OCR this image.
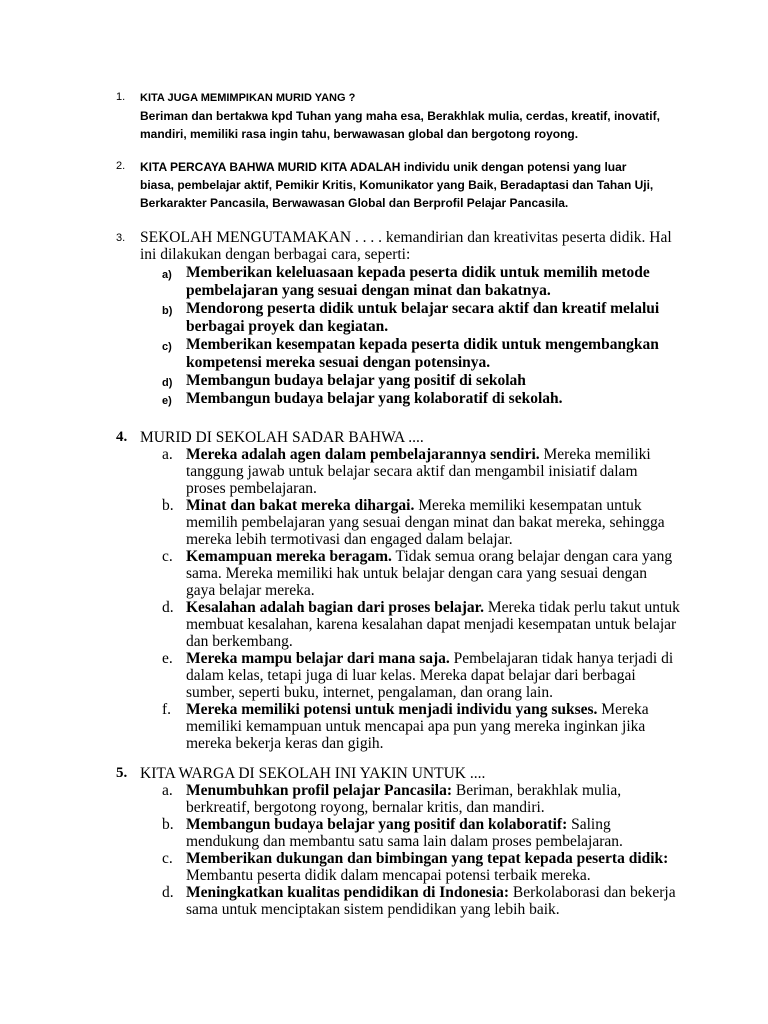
1. KITA JUGA MEMIMPIKAN MURID YANG ?
Beriman dan bertakwa kpd Tuhan yang maha esa, Berakhlak mulia, cerdas, kreatif, inovatif, mandiri, memiliki rasa ingin tahu, berwawasan global dan bergotong royong.
2. KITA PERCAYA BAHWA MURID KITA ADALAH individu unik dengan potensi yang luar biasa, pembelajar aktif, Pemikir Kritis, Komunikator yang Baik, Beradaptasi dan Tahan Uji, Berkarakter Pancasila, Berwawasan Global dan Berprofil Pelajar Pancasila.
3. SEKOLAH MENGUTAMAKAN . . . . kemandirian dan kreativitas peserta didik. Hal ini dilakukan dengan berbagai cara, seperti:
a) Memberikan keleluasaan kepada peserta didik untuk memilih metode pembelajaran yang sesuai dengan minat dan bakatnya.
b) Mendorong peserta didik untuk belajar secara aktif dan kreatif melalui berbagai proyek dan kegiatan.
c) Memberikan kesempatan kepada peserta didik untuk mengembangkan kompetensi mereka sesuai dengan potensinya.
d) Membangun budaya belajar yang positif di sekolah
e) Membangun budaya belajar yang kolaboratif di sekolah.
4. MURID DI SEKOLAH SADAR BAHWA ....
a. Mereka adalah agen dalam pembelajarannya sendiri. Mereka memiliki tanggung jawab untuk belajar secara aktif dan mengambil inisiatif dalam proses pembelajaran.
b. Minat dan bakat mereka dihargai. Mereka memiliki kesempatan untuk memilih pembelajaran yang sesuai dengan minat dan bakat mereka, sehingga mereka lebih termotivasi dan engaged dalam belajar.
c. Kemampuan mereka beragam. Tidak semua orang belajar dengan cara yang sama. Mereka memiliki hak untuk belajar dengan cara yang sesuai dengan gaya belajar mereka.
d. Kesalahan adalah bagian dari proses belajar. Mereka tidak perlu takut untuk membuat kesalahan, karena kesalahan dapat menjadi kesempatan untuk belajar dan berkembang.
e. Mereka mampu belajar dari mana saja. Pembelajaran tidak hanya terjadi di dalam kelas, tetapi juga di luar kelas. Mereka dapat belajar dari berbagai sumber, seperti buku, internet, pengalaman, dan orang lain.
f. Mereka memiliki potensi untuk menjadi individu yang sukses. Mereka memiliki kemampuan untuk mencapai apa pun yang mereka inginkan jika mereka bekerja keras dan gigih.
5. KITA WARGA DI SEKOLAH INI YAKIN UNTUK ....
a. Menumbuhkan profil pelajar Pancasila: Beriman, berakhlak mulia, berkreatif, bergotong royong, bernalar kritis, dan mandiri.
b. Membangun budaya belajar yang positif dan kolaboratif: Saling mendukung dan membantu satu sama lain dalam proses pembelajaran.
c. Memberikan dukungan dan bimbingan yang tepat kepada peserta didik: Membantu peserta didik dalam mencapai potensi terbaik mereka.
d. Meningkatkan kualitas pendidikan di Indonesia: Berkolaborasi dan bekerja sama untuk menciptakan sistem pendidikan yang lebih baik.
